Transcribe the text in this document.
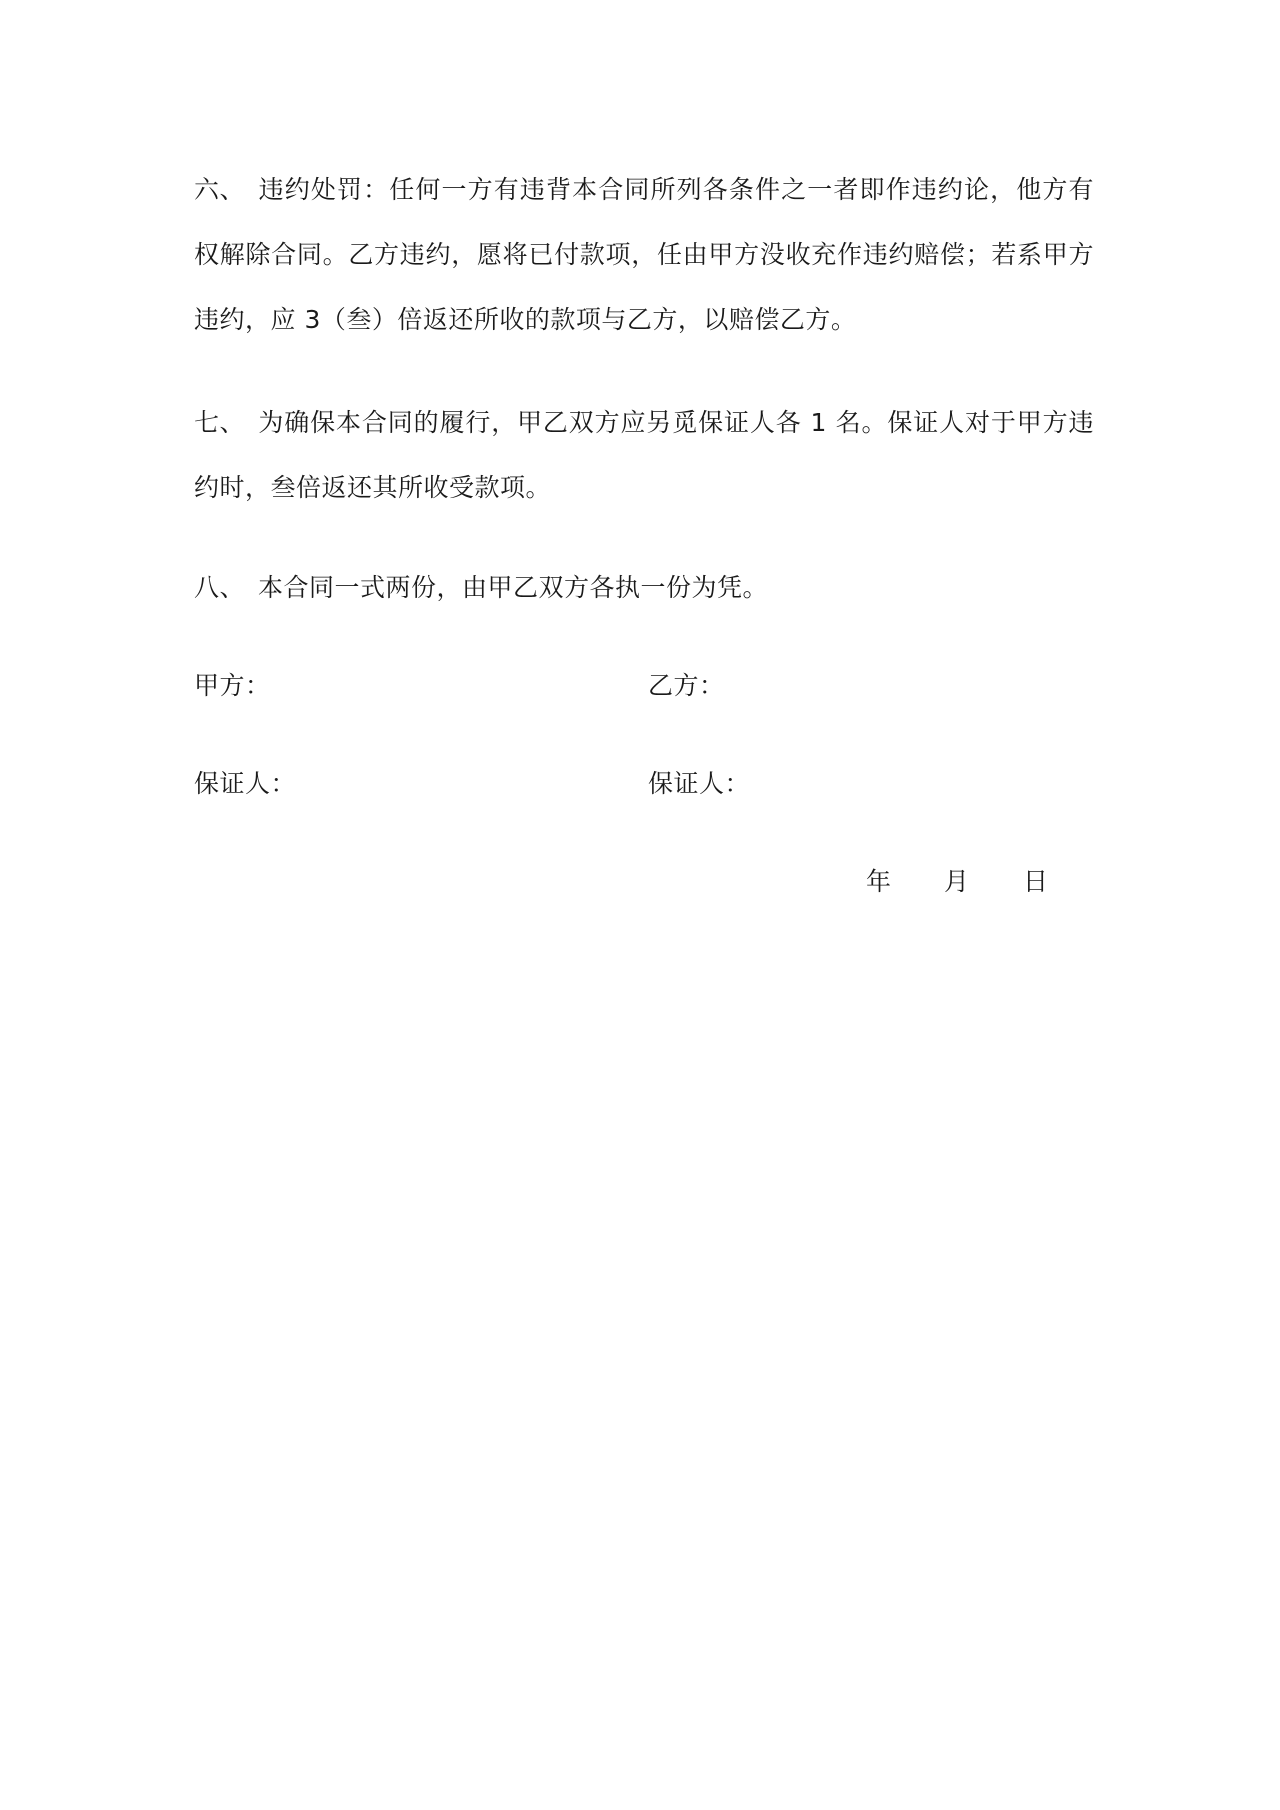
六、 违约处罚：任何一方有违背本合同所列各条件之一者即作违约论，他方有权解除合同。乙方违约，愿将已付款项，任由甲方没收充作违约赔偿；若系甲方违约，应 3（叁）倍返还所收的款项与乙方，以赔偿乙方。
七、 为确保本合同的履行，甲乙双方应另觅保证人各 1 名。保证人对于甲方违约时，叁倍返还其所收受款项。
八、 本合同一式两份，由甲乙双方各执一份为凭。
甲方：	乙方：
保证人：	保证人：
年 月 日
